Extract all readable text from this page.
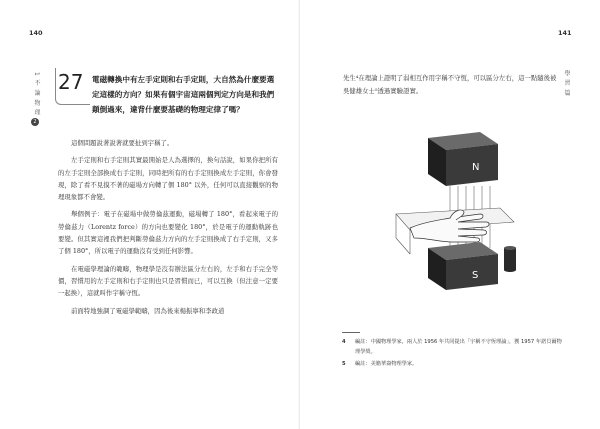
140
1 不 論 物 理
2
27 電磁轉換中有左手定則和右手定則，大自然為什麼要選定這樣的方向？如果有個宇宙這兩個判定方向是和我們顛倒過來，違背什麼要基礎的物理定律了嗎？

這個問題說著說著就要扯到宇稱了。

左手定則和右手定則其實最開始是人為選擇的，換句話說，如果你把所有的左手定則全部換成右手定則，同時把所有的右手定則換成左手定則，你會發現，除了看不見摸不著的磁場方向轉了個 180° 以外，任何可以直接觀察的物理現象都不會變。

舉個例子：電子在磁場中做勞倫茲運動，磁場轉了 180°，看起來電子的勞倫茲力（Lorentz force）的方向也要變化 180°，於是電子的運動軌跡也要變。但其實這裡我們把判斷勞倫茲力方向的左手定則換成了右手定則，又多了個 180°，所以電子的運動沒有受到任何影響。

在電磁學理論的範疇，物理學是沒有辦法區分左右的，左手和右手完全等價，習慣用的左手定則和右手定則也只是習慣而已，可以互換（但注意一定要一起換），這就叫作宇稱守恆。

前面特地強調了電磁學範疇，因為後來楊振寧和李政道

141
學 習 篇

先生⁴在理論上證明了弱相互作用宇稱不守恆，可以區分左右，這一點隨後被吳健雄女士⁵透過實驗證實。

N
S
4	編註：中國物理學家，兩人於 1956 年共同提出「宇稱不守恆理論」，獲 1957 年諾貝爾物理學獎。
5	編註：美籍華裔物理學家。
